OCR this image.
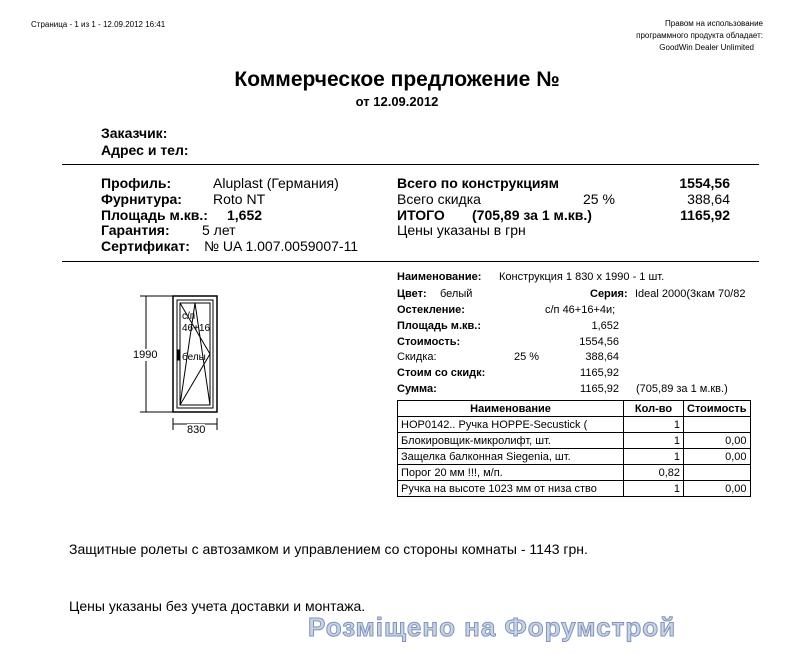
Страница - 1 из 1 - 12.09.2012 16:41	Правом на использование
программного продукта обладает:
GoodWin Dealer Unlimited
Коммерческое предложение №
от 12.09.2012
Заказчик:
Адрес и тел:
Профиль:	Aluplast (Германия)
Фурнитура: Roto NT
Площадь м.кв.: 1,652
Гарантия: 5 лет
Сертификат: № UA 1.007.0059007-11
Всего по конструкциям	1554,56
Всего скидка	25 %	388,64
ИТОГО (705,89 за 1 м.кв.)	1165,92
Цены указаны в грн
1990
830
с/п
46+16
белы
Наименование: Конструкция 1 830 x 1990 - 1 шт.
Цвет: белый	Серия: Ideal 2000(3кам 70/82
Остекление:	с/п 46+16+4и;
Площадь м.кв.:	1,652
Стоимость:	1554,56
Скидка:	25 %	388,64
Стоим со скидк:	1165,92
Сумма:	1165,92 (705,89 за 1 м.кв.)
Наименование	Кол-во	Стоимость
НОР0142.. Ручка HOPPE-Secustick (	1	
Блокировщик-микролифт, шт.	1	0,00
Защелка балконная Siegenia, шт.	1	0,00
Порог 20 мм !!!, м/п.	0,82	
Ручка на высоте 1023 мм от низа ство	1	0,00
Защитные ролеты с автозамком и управлением со стороны комнаты - 1143 грн.
Цены указаны без учета доставки и монтажа.
Розміщено на Форумстрой
